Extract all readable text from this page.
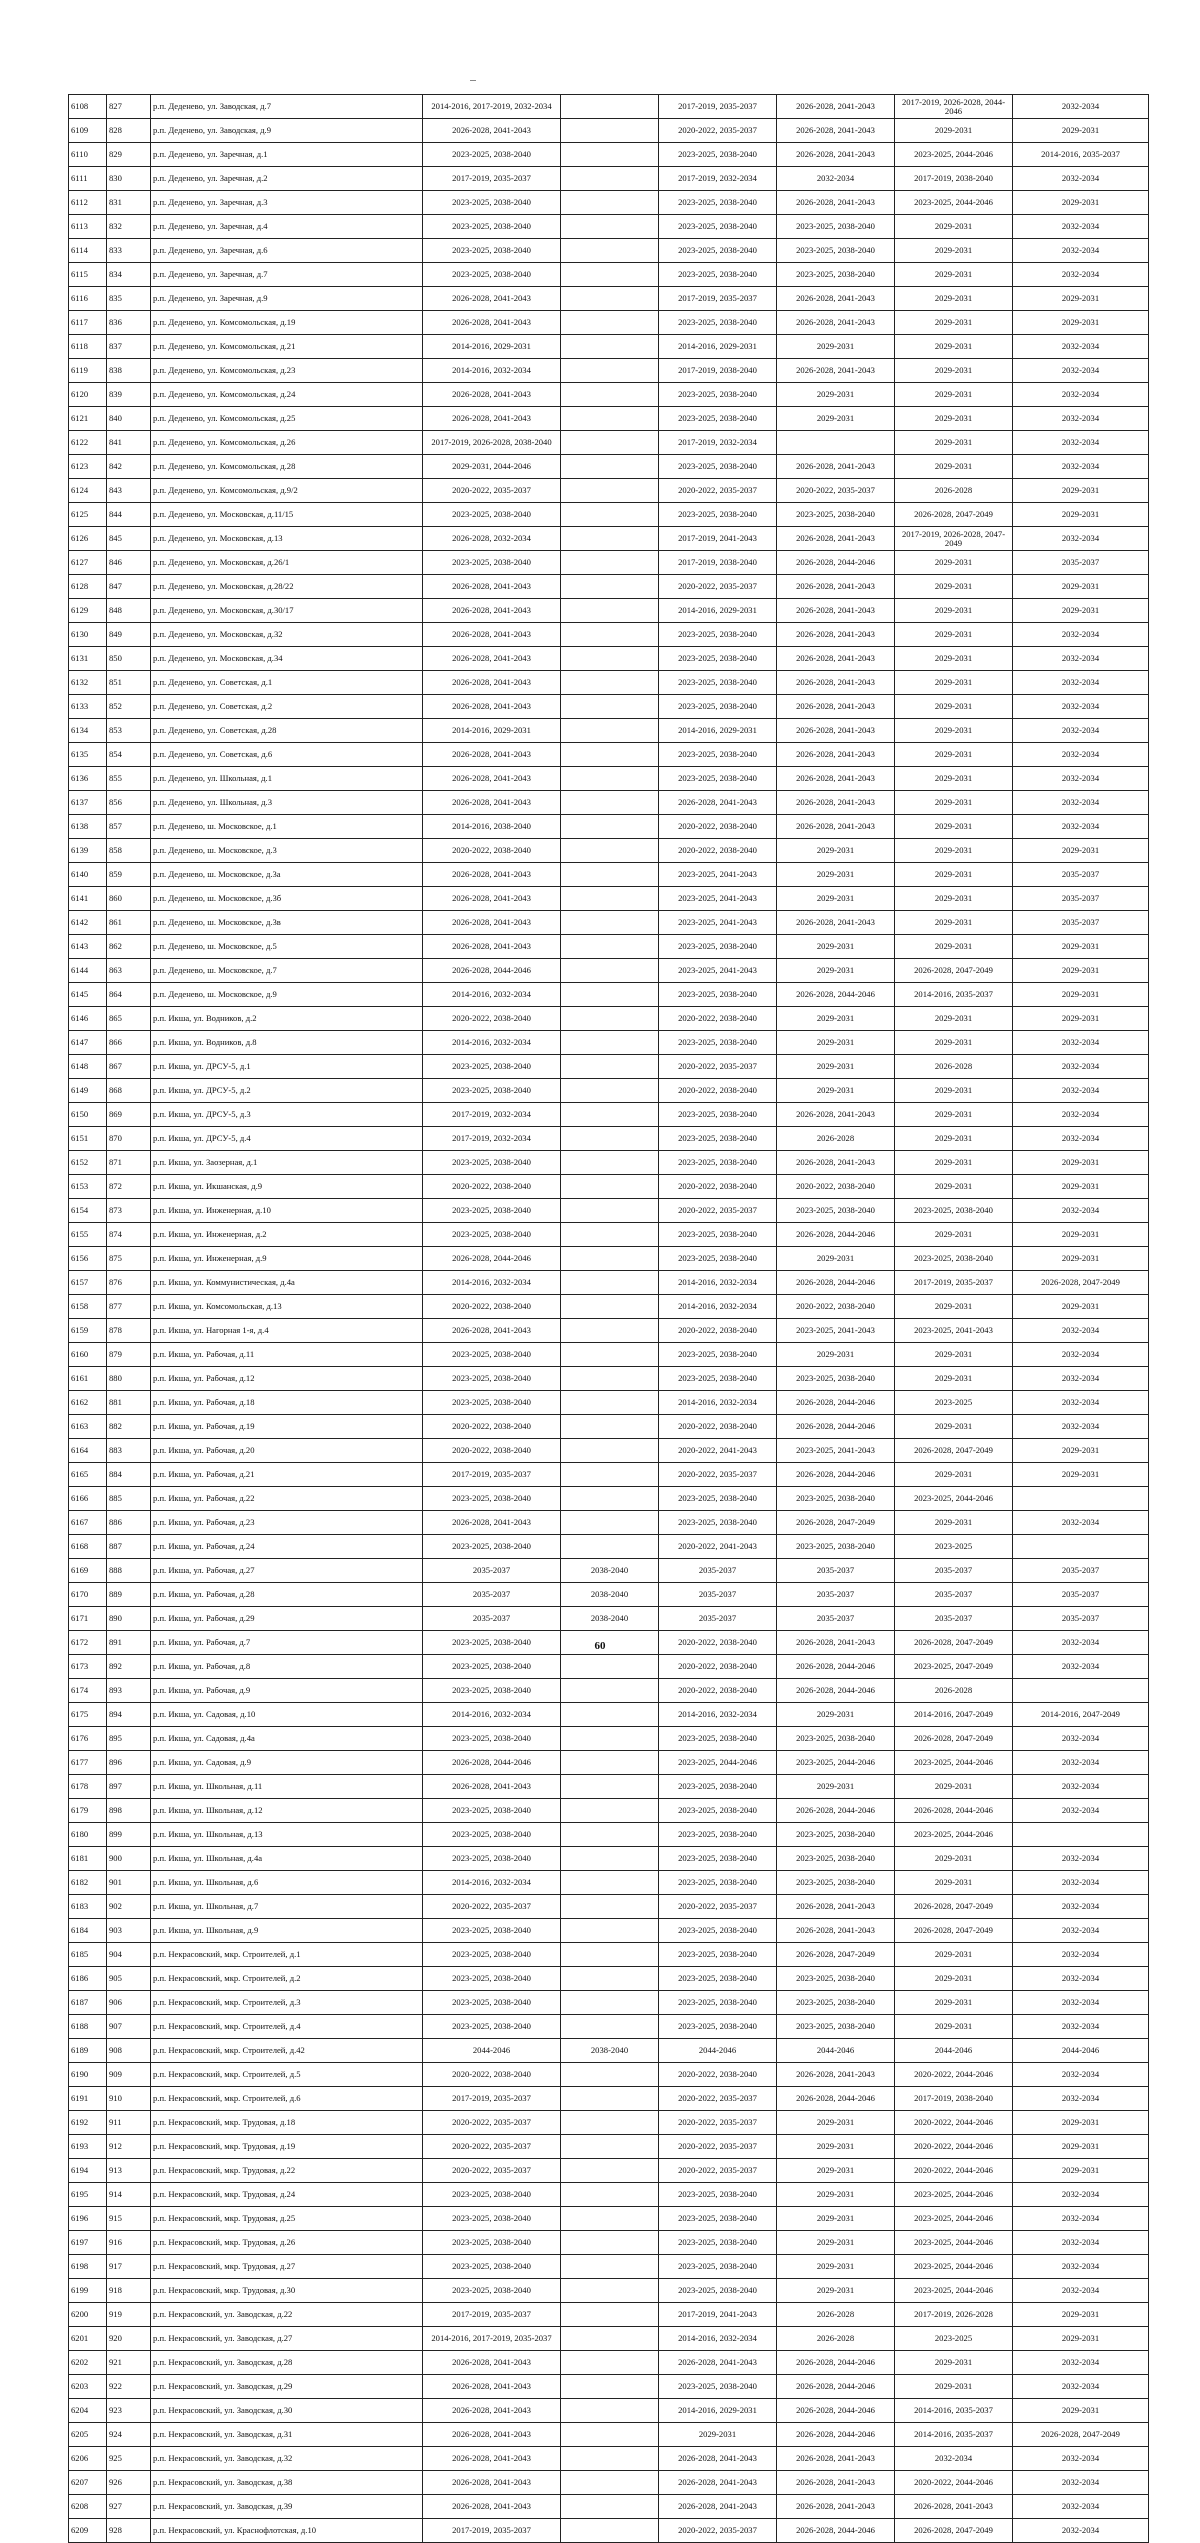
6108	827	р.п. Деденево, ул. Заводская, д.7	2014-2016, 2017-2019, 2032-2034		2017-2019, 2035-2037	2026-2028, 2041-2043	2017-2019, 2026-2028, 2044-2046	2032-2034
6109	828	р.п. Деденево, ул. Заводская, д.9	2026-2028, 2041-2043		2020-2022, 2035-2037	2026-2028, 2041-2043	2029-2031	2029-2031
6110	829	р.п. Деденево, ул. Заречная, д.1	2023-2025, 2038-2040		2023-2025, 2038-2040	2026-2028, 2041-2043	2023-2025, 2044-2046	2014-2016, 2035-2037
6111	830	р.п. Деденево, ул. Заречная, д.2	2017-2019, 2035-2037		2017-2019, 2032-2034	2032-2034	2017-2019, 2038-2040	2032-2034
6112	831	р.п. Деденево, ул. Заречная, д.3	2023-2025, 2038-2040		2023-2025, 2038-2040	2026-2028, 2041-2043	2023-2025, 2044-2046	2029-2031
6113	832	р.п. Деденево, ул. Заречная, д.4	2023-2025, 2038-2040		2023-2025, 2038-2040	2023-2025, 2038-2040	2029-2031	2032-2034
6114	833	р.п. Деденево, ул. Заречная, д.6	2023-2025, 2038-2040		2023-2025, 2038-2040	2023-2025, 2038-2040	2029-2031	2032-2034
6115	834	р.п. Деденево, ул. Заречная, д.7	2023-2025, 2038-2040		2023-2025, 2038-2040	2023-2025, 2038-2040	2029-2031	2032-2034
6116	835	р.п. Деденево, ул. Заречная, д.9	2026-2028, 2041-2043		2017-2019, 2035-2037	2026-2028, 2041-2043	2029-2031	2029-2031
6117	836	р.п. Деденево, ул. Комсомольская, д.19	2026-2028, 2041-2043		2023-2025, 2038-2040	2026-2028, 2041-2043	2029-2031	2029-2031
6118	837	р.п. Деденево, ул. Комсомольская, д.21	2014-2016, 2029-2031		2014-2016, 2029-2031	2029-2031	2029-2031	2032-2034
6119	838	р.п. Деденево, ул. Комсомольская, д.23	2014-2016, 2032-2034		2017-2019, 2038-2040	2026-2028, 2041-2043	2029-2031	2032-2034
6120	839	р.п. Деденево, ул. Комсомольская, д.24	2026-2028, 2041-2043		2023-2025, 2038-2040	2029-2031	2029-2031	2032-2034
6121	840	р.п. Деденево, ул. Комсомольская, д.25	2026-2028, 2041-2043		2023-2025, 2038-2040	2029-2031	2029-2031	2032-2034
6122	841	р.п. Деденево, ул. Комсомольская, д.26	2017-2019, 2026-2028, 2038-2040		2017-2019, 2032-2034		2029-2031	2032-2034
6123	842	р.п. Деденево, ул. Комсомольская, д.28	2029-2031, 2044-2046		2023-2025, 2038-2040	2026-2028, 2041-2043	2029-2031	2032-2034
6124	843	р.п. Деденево, ул. Комсомольская, д.9/2	2020-2022, 2035-2037		2020-2022, 2035-2037	2020-2022, 2035-2037	2026-2028	2029-2031
6125	844	р.п. Деденево, ул. Московская, д.11/15	2023-2025, 2038-2040		2023-2025, 2038-2040	2023-2025, 2038-2040	2026-2028, 2047-2049	2029-2031
6126	845	р.п. Деденево, ул. Московская, д.13	2026-2028, 2032-2034		2017-2019, 2041-2043	2026-2028, 2041-2043	2017-2019, 2026-2028, 2047-2049	2032-2034
6127	846	р.п. Деденево, ул. Московская, д.26/1	2023-2025, 2038-2040		2017-2019, 2038-2040	2026-2028, 2044-2046	2029-2031	2035-2037
6128	847	р.п. Деденево, ул. Московская, д.28/22	2026-2028, 2041-2043		2020-2022, 2035-2037	2026-2028, 2041-2043	2029-2031	2029-2031
6129	848	р.п. Деденево, ул. Московская, д.30/17	2026-2028, 2041-2043		2014-2016, 2029-2031	2026-2028, 2041-2043	2029-2031	2029-2031
6130	849	р.п. Деденево, ул. Московская, д.32	2026-2028, 2041-2043		2023-2025, 2038-2040	2026-2028, 2041-2043	2029-2031	2032-2034
6131	850	р.п. Деденево, ул. Московская, д.34	2026-2028, 2041-2043		2023-2025, 2038-2040	2026-2028, 2041-2043	2029-2031	2032-2034
6132	851	р.п. Деденево, ул. Советская, д.1	2026-2028, 2041-2043		2023-2025, 2038-2040	2026-2028, 2041-2043	2029-2031	2032-2034
6133	852	р.п. Деденево, ул. Советская, д.2	2026-2028, 2041-2043		2023-2025, 2038-2040	2026-2028, 2041-2043	2029-2031	2032-2034
6134	853	р.п. Деденево, ул. Советская, д.28	2014-2016, 2029-2031		2014-2016, 2029-2031	2026-2028, 2041-2043	2029-2031	2032-2034
6135	854	р.п. Деденево, ул. Советская, д.6	2026-2028, 2041-2043		2023-2025, 2038-2040	2026-2028, 2041-2043	2029-2031	2032-2034
6136	855	р.п. Деденево, ул. Школьная, д.1	2026-2028, 2041-2043		2023-2025, 2038-2040	2026-2028, 2041-2043	2029-2031	2032-2034
6137	856	р.п. Деденево, ул. Школьная, д.3	2026-2028, 2041-2043		2026-2028, 2041-2043	2026-2028, 2041-2043	2029-2031	2032-2034
6138	857	р.п. Деденево, ш. Московское, д.1	2014-2016, 2038-2040		2020-2022, 2038-2040	2026-2028, 2041-2043	2029-2031	2032-2034
6139	858	р.п. Деденево, ш. Московское, д.3	2020-2022, 2038-2040		2020-2022, 2038-2040	2029-2031	2029-2031	2029-2031
6140	859	р.п. Деденево, ш. Московское, д.3а	2026-2028, 2041-2043		2023-2025, 2041-2043	2029-2031	2029-2031	2035-2037
6141	860	р.п. Деденево, ш. Московское, д.3б	2026-2028, 2041-2043		2023-2025, 2041-2043	2029-2031	2029-2031	2035-2037
6142	861	р.п. Деденево, ш. Московское, д.3в	2026-2028, 2041-2043		2023-2025, 2041-2043	2026-2028, 2041-2043	2029-2031	2035-2037
6143	862	р.п. Деденево, ш. Московское, д.5	2026-2028, 2041-2043		2023-2025, 2038-2040	2029-2031	2029-2031	2029-2031
6144	863	р.п. Деденево, ш. Московское, д.7	2026-2028, 2044-2046		2023-2025, 2041-2043	2029-2031	2026-2028, 2047-2049	2029-2031
6145	864	р.п. Деденево, ш. Московское, д.9	2014-2016, 2032-2034		2023-2025, 2038-2040	2026-2028, 2044-2046	2014-2016, 2035-2037	2029-2031
6146	865	р.п. Икша, ул. Водников, д.2	2020-2022, 2038-2040		2020-2022, 2038-2040	2029-2031	2029-2031	2029-2031
6147	866	р.п. Икша, ул. Водников, д.8	2014-2016, 2032-2034		2023-2025, 2038-2040	2029-2031	2029-2031	2032-2034
6148	867	р.п. Икша, ул. ДРСУ-5, д.1	2023-2025, 2038-2040		2020-2022, 2035-2037	2029-2031	2026-2028	2032-2034
6149	868	р.п. Икша, ул. ДРСУ-5, д.2	2023-2025, 2038-2040		2020-2022, 2038-2040	2029-2031	2029-2031	2032-2034
6150	869	р.п. Икша, ул. ДРСУ-5, д.3	2017-2019, 2032-2034		2023-2025, 2038-2040	2026-2028, 2041-2043	2029-2031	2032-2034
6151	870	р.п. Икша, ул. ДРСУ-5, д.4	2017-2019, 2032-2034		2023-2025, 2038-2040	2026-2028	2029-2031	2032-2034
6152	871	р.п. Икша, ул. Заозерная, д.1	2023-2025, 2038-2040		2023-2025, 2038-2040	2026-2028, 2041-2043	2029-2031	2029-2031
6153	872	р.п. Икша, ул. Икшанская, д.9	2020-2022, 2038-2040		2020-2022, 2038-2040	2020-2022, 2038-2040	2029-2031	2029-2031
6154	873	р.п. Икша, ул. Инженерная, д.10	2023-2025, 2038-2040		2020-2022, 2035-2037	2023-2025, 2038-2040	2023-2025, 2038-2040	2032-2034
6155	874	р.п. Икша, ул. Инженерная, д.2	2023-2025, 2038-2040		2023-2025, 2038-2040	2026-2028, 2044-2046	2029-2031	2029-2031
6156	875	р.п. Икша, ул. Инженерная, д.9	2026-2028, 2044-2046		2023-2025, 2038-2040	2029-2031	2023-2025, 2038-2040	2029-2031
6157	876	р.п. Икша, ул. Коммунистическая, д.4а	2014-2016, 2032-2034		2014-2016, 2032-2034	2026-2028, 2044-2046	2017-2019, 2035-2037	2026-2028, 2047-2049
6158	877	р.п. Икша, ул. Комсомольская, д.13	2020-2022, 2038-2040		2014-2016, 2032-2034	2020-2022, 2038-2040	2029-2031	2029-2031
6159	878	р.п. Икша, ул. Нагорная 1-я, д.4	2026-2028, 2041-2043		2020-2022, 2038-2040	2023-2025, 2041-2043	2023-2025, 2041-2043	2032-2034
6160	879	р.п. Икша, ул. Рабочая, д.11	2023-2025, 2038-2040		2023-2025, 2038-2040	2029-2031	2029-2031	2032-2034
6161	880	р.п. Икша, ул. Рабочая, д.12	2023-2025, 2038-2040		2023-2025, 2038-2040	2023-2025, 2038-2040	2029-2031	2032-2034
6162	881	р.п. Икша, ул. Рабочая, д.18	2023-2025, 2038-2040		2014-2016, 2032-2034	2026-2028, 2044-2046	2023-2025	2032-2034
6163	882	р.п. Икша, ул. Рабочая, д.19	2020-2022, 2038-2040		2020-2022, 2038-2040	2026-2028, 2044-2046	2029-2031	2032-2034
6164	883	р.п. Икша, ул. Рабочая, д.20	2020-2022, 2038-2040		2020-2022, 2041-2043	2023-2025, 2041-2043	2026-2028, 2047-2049	2029-2031
6165	884	р.п. Икша, ул. Рабочая, д.21	2017-2019, 2035-2037		2020-2022, 2035-2037	2026-2028, 2044-2046	2029-2031	2029-2031
6166	885	р.п. Икша, ул. Рабочая, д.22	2023-2025, 2038-2040		2023-2025, 2038-2040	2023-2025, 2038-2040	2023-2025, 2044-2046	
6167	886	р.п. Икша, ул. Рабочая, д.23	2026-2028, 2041-2043		2023-2025, 2038-2040	2026-2028, 2047-2049	2029-2031	2032-2034
6168	887	р.п. Икша, ул. Рабочая, д.24	2023-2025, 2038-2040		2020-2022, 2041-2043	2023-2025, 2038-2040	2023-2025	
6169	888	р.п. Икша, ул. Рабочая, д.27	2035-2037	2038-2040	2035-2037	2035-2037	2035-2037	2035-2037
6170	889	р.п. Икша, ул. Рабочая, д.28	2035-2037	2038-2040	2035-2037	2035-2037	2035-2037	2035-2037
6171	890	р.п. Икша, ул. Рабочая, д.29	2035-2037	2038-2040	2035-2037	2035-2037	2035-2037	2035-2037
6172	891	р.п. Икша, ул. Рабочая, д.7	2023-2025, 2038-2040		2020-2022, 2038-2040	2026-2028, 2041-2043	2026-2028, 2047-2049	2032-2034
6173	892	р.п. Икша, ул. Рабочая, д.8	2023-2025, 2038-2040		2020-2022, 2038-2040	2026-2028, 2044-2046	2023-2025, 2047-2049	2032-2034
6174	893	р.п. Икша, ул. Рабочая, д.9	2023-2025, 2038-2040		2020-2022, 2038-2040	2026-2028, 2044-2046	2026-2028	
6175	894	р.п. Икша, ул. Садовая, д.10	2014-2016, 2032-2034		2014-2016, 2032-2034	2029-2031	2014-2016, 2047-2049	2014-2016, 2047-2049
6176	895	р.п. Икша, ул. Садовая, д.4а	2023-2025, 2038-2040		2023-2025, 2038-2040	2023-2025, 2038-2040	2026-2028, 2047-2049	2032-2034
6177	896	р.п. Икша, ул. Садовая, д.9	2026-2028, 2044-2046		2023-2025, 2044-2046	2023-2025, 2044-2046	2023-2025, 2044-2046	2032-2034
6178	897	р.п. Икша, ул. Школьная, д.11	2026-2028, 2041-2043		2023-2025, 2038-2040	2029-2031	2029-2031	2032-2034
6179	898	р.п. Икша, ул. Школьная, д.12	2023-2025, 2038-2040		2023-2025, 2038-2040	2026-2028, 2044-2046	2026-2028, 2044-2046	2032-2034
6180	899	р.п. Икша, ул. Школьная, д.13	2023-2025, 2038-2040		2023-2025, 2038-2040	2023-2025, 2038-2040	2023-2025, 2044-2046	
6181	900	р.п. Икша, ул. Школьная, д.4а	2023-2025, 2038-2040		2023-2025, 2038-2040	2023-2025, 2038-2040	2029-2031	2032-2034
6182	901	р.п. Икша, ул. Школьная, д.6	2014-2016, 2032-2034		2023-2025, 2038-2040	2023-2025, 2038-2040	2029-2031	2032-2034
6183	902	р.п. Икша, ул. Школьная, д.7	2020-2022, 2035-2037		2020-2022, 2035-2037	2026-2028, 2041-2043	2026-2028, 2047-2049	2032-2034
6184	903	р.п. Икша, ул. Школьная, д.9	2023-2025, 2038-2040		2023-2025, 2038-2040	2026-2028, 2041-2043	2026-2028, 2047-2049	2032-2034
6185	904	р.п. Некрасовский, мкр. Строителей, д.1	2023-2025, 2038-2040		2023-2025, 2038-2040	2026-2028, 2047-2049	2029-2031	2032-2034
6186	905	р.п. Некрасовский, мкр. Строителей, д.2	2023-2025, 2038-2040		2023-2025, 2038-2040	2023-2025, 2038-2040	2029-2031	2032-2034
6187	906	р.п. Некрасовский, мкр. Строителей, д.3	2023-2025, 2038-2040		2023-2025, 2038-2040	2023-2025, 2038-2040	2029-2031	2032-2034
6188	907	р.п. Некрасовский, мкр. Строителей, д.4	2023-2025, 2038-2040		2023-2025, 2038-2040	2023-2025, 2038-2040	2029-2031	2032-2034
6189	908	р.п. Некрасовский, мкр. Строителей, д.42	2044-2046	2038-2040	2044-2046	2044-2046	2044-2046	2044-2046
6190	909	р.п. Некрасовский, мкр. Строителей, д.5	2020-2022, 2038-2040		2020-2022, 2038-2040	2026-2028, 2041-2043	2020-2022, 2044-2046	2032-2034
6191	910	р.п. Некрасовский, мкр. Строителей, д.6	2017-2019, 2035-2037		2020-2022, 2035-2037	2026-2028, 2044-2046	2017-2019, 2038-2040	2032-2034
6192	911	р.п. Некрасовский, мкр. Трудовая, д.18	2020-2022, 2035-2037		2020-2022, 2035-2037	2029-2031	2020-2022, 2044-2046	2029-2031
6193	912	р.п. Некрасовский, мкр. Трудовая, д.19	2020-2022, 2035-2037		2020-2022, 2035-2037	2029-2031	2020-2022, 2044-2046	2029-2031
6194	913	р.п. Некрасовский, мкр. Трудовая, д.22	2020-2022, 2035-2037		2020-2022, 2035-2037	2029-2031	2020-2022, 2044-2046	2029-2031
6195	914	р.п. Некрасовский, мкр. Трудовая, д.24	2023-2025, 2038-2040		2023-2025, 2038-2040	2029-2031	2023-2025, 2044-2046	2032-2034
6196	915	р.п. Некрасовский, мкр. Трудовая, д.25	2023-2025, 2038-2040		2023-2025, 2038-2040	2029-2031	2023-2025, 2044-2046	2032-2034
6197	916	р.п. Некрасовский, мкр. Трудовая, д.26	2023-2025, 2038-2040		2023-2025, 2038-2040	2029-2031	2023-2025, 2044-2046	2032-2034
6198	917	р.п. Некрасовский, мкр. Трудовая, д.27	2023-2025, 2038-2040		2023-2025, 2038-2040	2029-2031	2023-2025, 2044-2046	2032-2034
6199	918	р.п. Некрасовский, мкр. Трудовая, д.30	2023-2025, 2038-2040		2023-2025, 2038-2040	2029-2031	2023-2025, 2044-2046	2032-2034
6200	919	р.п. Некрасовский, ул. Заводская, д.22	2017-2019, 2035-2037		2017-2019, 2041-2043	2026-2028	2017-2019, 2026-2028	2029-2031
6201	920	р.п. Некрасовский, ул. Заводская, д.27	2014-2016, 2017-2019, 2035-2037		2014-2016, 2032-2034	2026-2028	2023-2025	2029-2031
6202	921	р.п. Некрасовский, ул. Заводская, д.28	2026-2028, 2041-2043		2026-2028, 2041-2043	2026-2028, 2044-2046	2029-2031	2032-2034
6203	922	р.п. Некрасовский, ул. Заводская, д.29	2026-2028, 2041-2043		2023-2025, 2038-2040	2026-2028, 2044-2046	2029-2031	2032-2034
6204	923	р.п. Некрасовский, ул. Заводская, д.30	2026-2028, 2041-2043		2014-2016, 2029-2031	2026-2028, 2044-2046	2014-2016, 2035-2037	2029-2031
6205	924	р.п. Некрасовский, ул. Заводская, д.31	2026-2028, 2041-2043		2029-2031	2026-2028, 2044-2046	2014-2016, 2035-2037	2026-2028, 2047-2049
6206	925	р.п. Некрасовский, ул. Заводская, д.32	2026-2028, 2041-2043		2026-2028, 2041-2043	2026-2028, 2041-2043	2032-2034	2032-2034
6207	926	р.п. Некрасовский, ул. Заводская, д.38	2026-2028, 2041-2043		2026-2028, 2041-2043	2026-2028, 2041-2043	2020-2022, 2044-2046	2032-2034
6208	927	р.п. Некрасовский, ул. Заводская, д.39	2026-2028, 2041-2043		2026-2028, 2041-2043	2026-2028, 2041-2043	2026-2028, 2041-2043	2032-2034
6209	928	р.п. Некрасовский, ул. Краснофлотская, д.10	2017-2019, 2035-2037		2020-2022, 2035-2037	2026-2028, 2044-2046	2026-2028, 2047-2049	2032-2034
60
